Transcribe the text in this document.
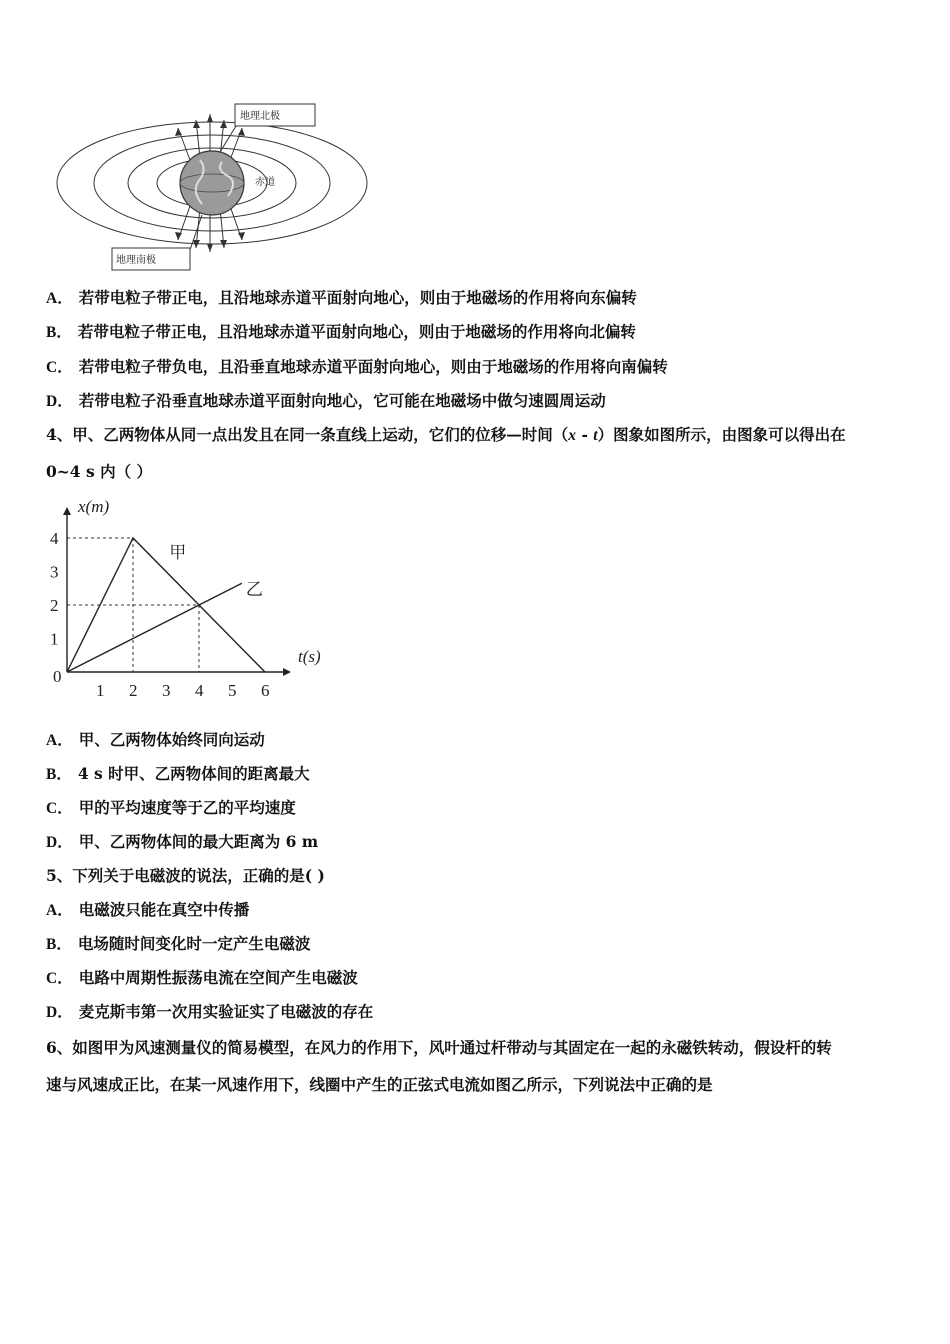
地理北极
赤道
地理南极
A． 若带电粒子带正电，且沿地球赤道平面射向地心，则由于地磁场的作用将向东偏转
B． 若带电粒子带正电，且沿地球赤道平面射向地心，则由于地磁场的作用将向北偏转
C． 若带电粒子带负电，且沿垂直地球赤道平面射向地心，则由于地磁场的作用将向南偏转
D． 若带电粒子沿垂直地球赤道平面射向地心，它可能在地磁场中做匀速圆周运动
4、甲、乙两物体从同一点出发且在同一条直线上运动，它们的位移—时间（x - t）图象如图所示，由图象可以得出在
0~4 s 内（ ）
甲
乙
0
1 2 3 4 5 6
1
2
3
4
x(m)
t(s)
A． 甲、乙两物体始终同向运动
B． 4 s 时甲、乙两物体间的距离最大
C． 甲的平均速度等于乙的平均速度
D． 甲、乙两物体间的最大距离为 6 m
5、下列关于电磁波的说法，正确的是( )
A． 电磁波只能在真空中传播
B． 电场随时间变化时一定产生电磁波
C． 电路中周期性振荡电流在空间产生电磁波
D． 麦克斯韦第一次用实验证实了电磁波的存在
6、如图甲为风速测量仪的简易模型，在风力的作用下，风叶通过杆带动与其固定在一起的永磁铁转动，假设杆的转
速与风速成正比，在某一风速作用下，线圈中产生的正弦式电流如图乙所示，下列说法中正确的是
